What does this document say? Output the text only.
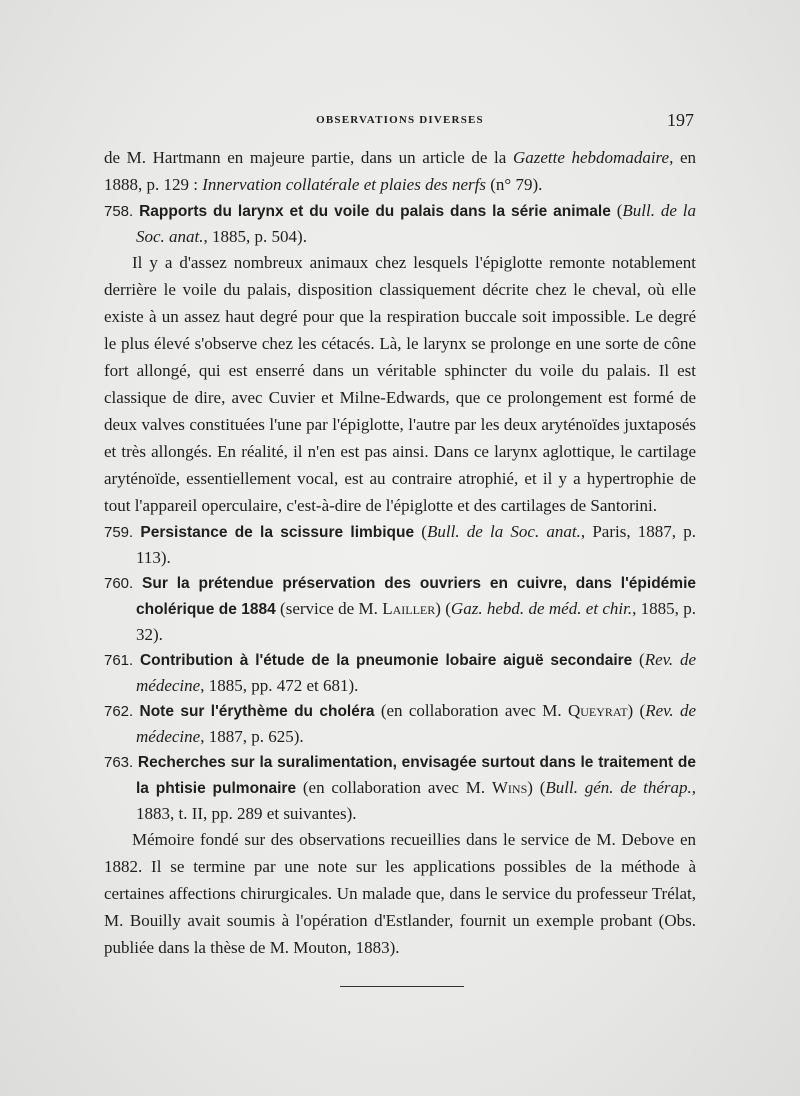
OBSERVATIONS DIVERSES	197

de M. Hartmann en majeure partie, dans un article de la Gazette hebdomadaire, en 1888, p. 129 : Innervation collatérale et plaies des nerfs (n° 79).

758. Rapports du larynx et du voile du palais dans la série animale (Bull. de la Soc. anat., 1885, p. 504).

Il y a d'assez nombreux animaux chez lesquels l'épiglotte remonte notablement derrière le voile du palais, disposition classiquement décrite chez le cheval, où elle existe à un assez haut degré pour que la respiration buccale soit impossible. Le degré le plus élevé s'observe chez les cétacés. Là, le larynx se prolonge en une sorte de cône fort allongé, qui est enserré dans un véritable sphincter du voile du palais. Il est classique de dire, avec Cuvier et Milne-Edwards, que ce prolongement est formé de deux valves constituées l'une par l'épiglotte, l'autre par les deux aryténoïdes juxtaposés et très allongés. En réalité, il n'en est pas ainsi. Dans ce larynx aglottique, le cartilage aryténoïde, essentiellement vocal, est au contraire atrophié, et il y a hypertrophie de tout l'appareil operculaire, c'est-à-dire de l'épiglotte et des cartilages de Santorini.

759. Persistance de la scissure limbique (Bull. de la Soc. anat., Paris, 1887, p. 113).

760. Sur la prétendue préservation des ouvriers en cuivre, dans l'épidémie cholérique de 1884 (service de M. Lailler) (Gaz. hebd. de méd. et chir., 1885, p. 32).

761. Contribution à l'étude de la pneumonie lobaire aiguë secondaire (Rev. de médecine, 1885, pp. 472 et 681).

762. Note sur l'érythème du choléra (en collaboration avec M. Queyrat) (Rev. de médecine, 1887, p. 625).

763. Recherches sur la suralimentation, envisagée surtout dans le traitement de la phtisie pulmonaire (en collaboration avec M. Wins) (Bull. gén. de thérap., 1883, t. II, pp. 289 et suivantes).

Mémoire fondé sur des observations recueillies dans le service de M. Debove en 1882. Il se termine par une note sur les applications possibles de la méthode à certaines affections chirurgicales. Un malade que, dans le service du professeur Trélat, M. Bouilly avait soumis à l'opération d'Estlander, fournit un exemple probant (Obs. publiée dans la thèse de M. Mouton, 1883).
